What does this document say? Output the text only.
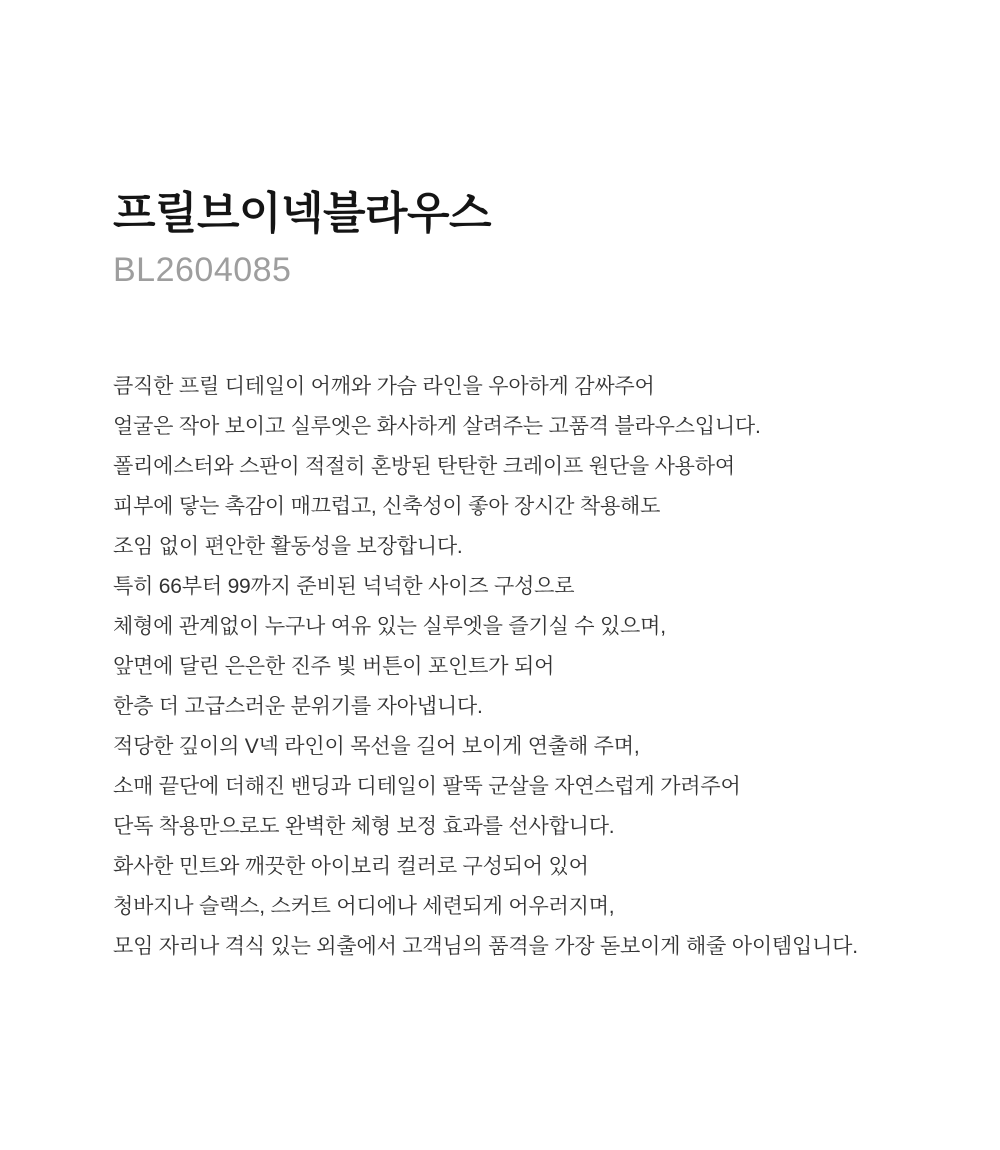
프릴브이넥블라우스
BL2604085

큼직한 프릴 디테일이 어깨와 가슴 라인을 우아하게 감싸주어

얼굴은 작아 보이고 실루엣은 화사하게 살려주는 고품격 블라우스입니다.

폴리에스터와 스판이 적절히 혼방된 탄탄한 크레이프 원단을 사용하여

피부에 닿는 촉감이 매끄럽고, 신축성이 좋아 장시간 착용해도

조임 없이 편안한 활동성을 보장합니다.

특히 66부터 99까지 준비된 넉넉한 사이즈 구성으로

체형에 관계없이 누구나 여유 있는 실루엣을 즐기실 수 있으며,

앞면에 달린 은은한 진주 빛 버튼이 포인트가 되어

한층 더 고급스러운 분위기를 자아냅니다.

적당한 깊이의 V넥 라인이 목선을 길어 보이게 연출해 주며,

소매 끝단에 더해진 밴딩과 디테일이 팔뚝 군살을 자연스럽게 가려주어

단독 착용만으로도 완벽한 체형 보정 효과를 선사합니다.

화사한 민트와 깨끗한 아이보리 컬러로 구성되어 있어

청바지나 슬랙스, 스커트 어디에나 세련되게 어우러지며,

모임 자리나 격식 있는 외출에서 고객님의 품격을 가장 돋보이게 해줄 아이템입니다.
